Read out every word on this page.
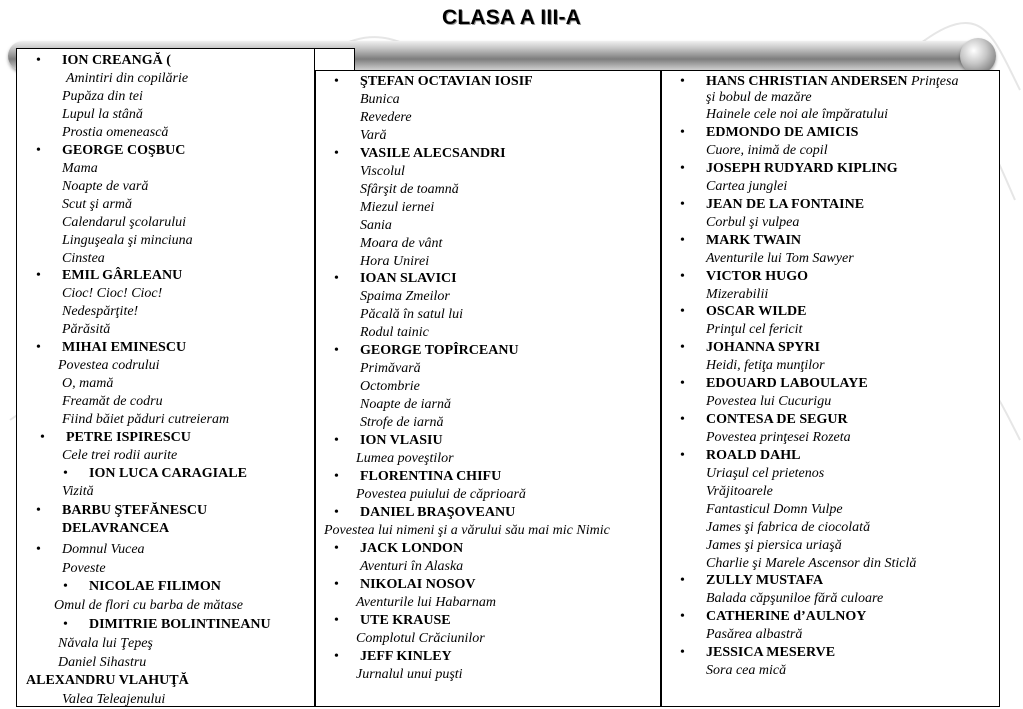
CLASA A III-A
• ION CREANGĂ (
Amintiri din copilărie
Pupăza din tei
Lupul la stână
Prostia omenească
• GEORGE COŞBUC
Mama
Noapte de vară
Scut şi armă
Calendarul şcolarului
Linguşeala şi minciuna
Cinstea
• EMIL GÂRLEANU
Cioc! Cioc! Cioc!
Nedespărţite!
Părăsită
• MIHAI EMINESCU
Povestea codrului
O, mamă
Freamăt de codru
Fiind băiet păduri cutreieram
• PETRE ISPIRESCU
Cele trei rodii aurite
• ION LUCA CARAGIALE
Vizită
• BARBU ŞTEFĂNESCU
DELAVRANCEA
• Domnul Vucea
Poveste
• NICOLAE FILIMON
Omul de flori cu barba de mătase
• DIMITRIE BOLINTINEANU
Năvala lui Ţepeş
Daniel Sihastru
ALEXANDRU VLAHUŢĂ
Valea Teleajenului
• ŞTEFAN OCTAVIAN IOSIF
Bunica
Revedere
Vară
• VASILE ALECSANDRI
Viscolul
Sfârşit de toamnă
Miezul iernei
Sania
Moara de vânt
Hora Unirei
• IOAN SLAVICI
Spaima Zmeilor
Păcală în satul lui
Rodul tainic
• GEORGE TOPÎRCEANU
Primăvară
Octombrie
Noapte de iarnă
Strofe de iarnă
• ION VLASIU
Lumea poveştilor
• FLORENTINA CHIFU
Povestea puiului de căprioară
• DANIEL BRAŞOVEANU
Povestea lui nimeni şi a vărului său mai mic Nimic
• JACK LONDON
Aventuri în Alaska
• NIKOLAI NOSOV
Aventurile lui Habarnam
• UTE KRAUSE
Complotul Crăciunilor
• JEFF KINLEY
Jurnalul unui puşti
• HANS CHRISTIAN ANDERSEN Prinţesa
şi bobul de mazăre
Hainele cele noi ale împăratului
• EDMONDO DE AMICIS
Cuore, inimă de copil
• JOSEPH RUDYARD KIPLING
Cartea junglei
• JEAN DE LA FONTAINE
Corbul şi vulpea
• MARK TWAIN
Aventurile lui Tom Sawyer
• VICTOR HUGO
Mizerabilii
• OSCAR WILDE
Prinţul cel fericit
• JOHANNA SPYRI
Heidi, fetiţa munţilor
• EDOUARD LABOULAYE
Povestea lui Cucurigu
• CONTESA DE SEGUR
Povestea prinţesei Rozeta
• ROALD DAHL
Uriaşul cel prietenos
Vrăjitoarele
Fantasticul Domn Vulpe
James şi fabrica de ciocolată
James şi piersica uriaşă
Charlie şi Marele Ascensor din Sticlă
• ZULLY MUSTAFA
Balada căpşuniloe fără culoare
• CATHERINE d’AULNOY
Pasărea albastră
• JESSICA MESERVE
Sora cea mică
